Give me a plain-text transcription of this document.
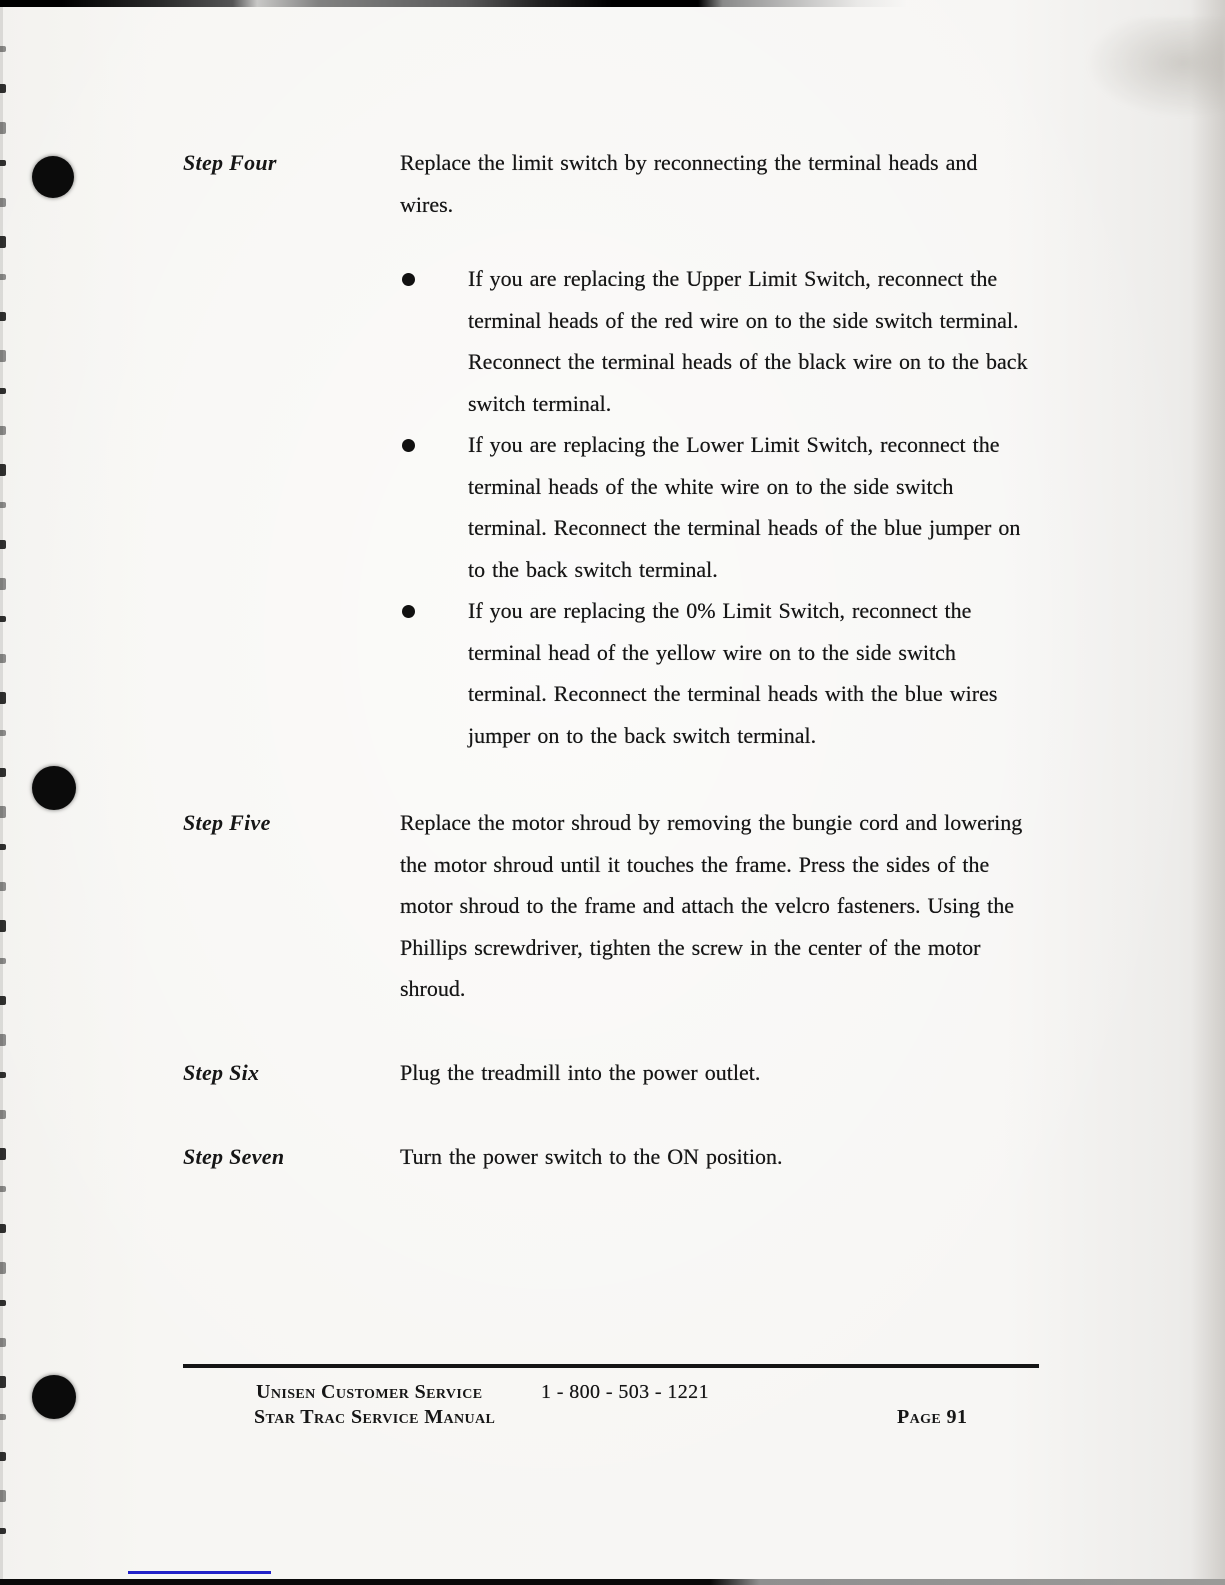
Step Four	Replace the limit switch by reconnecting the terminal heads and wires.
If you are replacing the Upper Limit Switch, reconnect the terminal heads of the red wire on to the side switch terminal. Reconnect the terminal heads of the black wire on to the back switch terminal.
If you are replacing the Lower Limit Switch, reconnect the terminal heads of the white wire on to the side switch terminal. Reconnect the terminal heads of the blue jumper on to the back switch terminal.
If you are replacing the 0% Limit Switch, reconnect the terminal head of the yellow wire on to the side switch terminal. Reconnect the terminal heads with the blue wires jumper on to the back switch terminal.
Step Five	Replace the motor shroud by removing the bungie cord and lowering the motor shroud until it touches the frame. Press the sides of the motor shroud to the frame and attach the velcro fasteners. Using the Phillips screwdriver, tighten the screw in the center of the motor shroud.
Step Six	Plug the treadmill into the power outlet.
Step Seven	Turn the power switch to the ON position.
Unisen Customer Service	1 - 800 - 503 - 1221
Star Trac Service Manual	Page 91
